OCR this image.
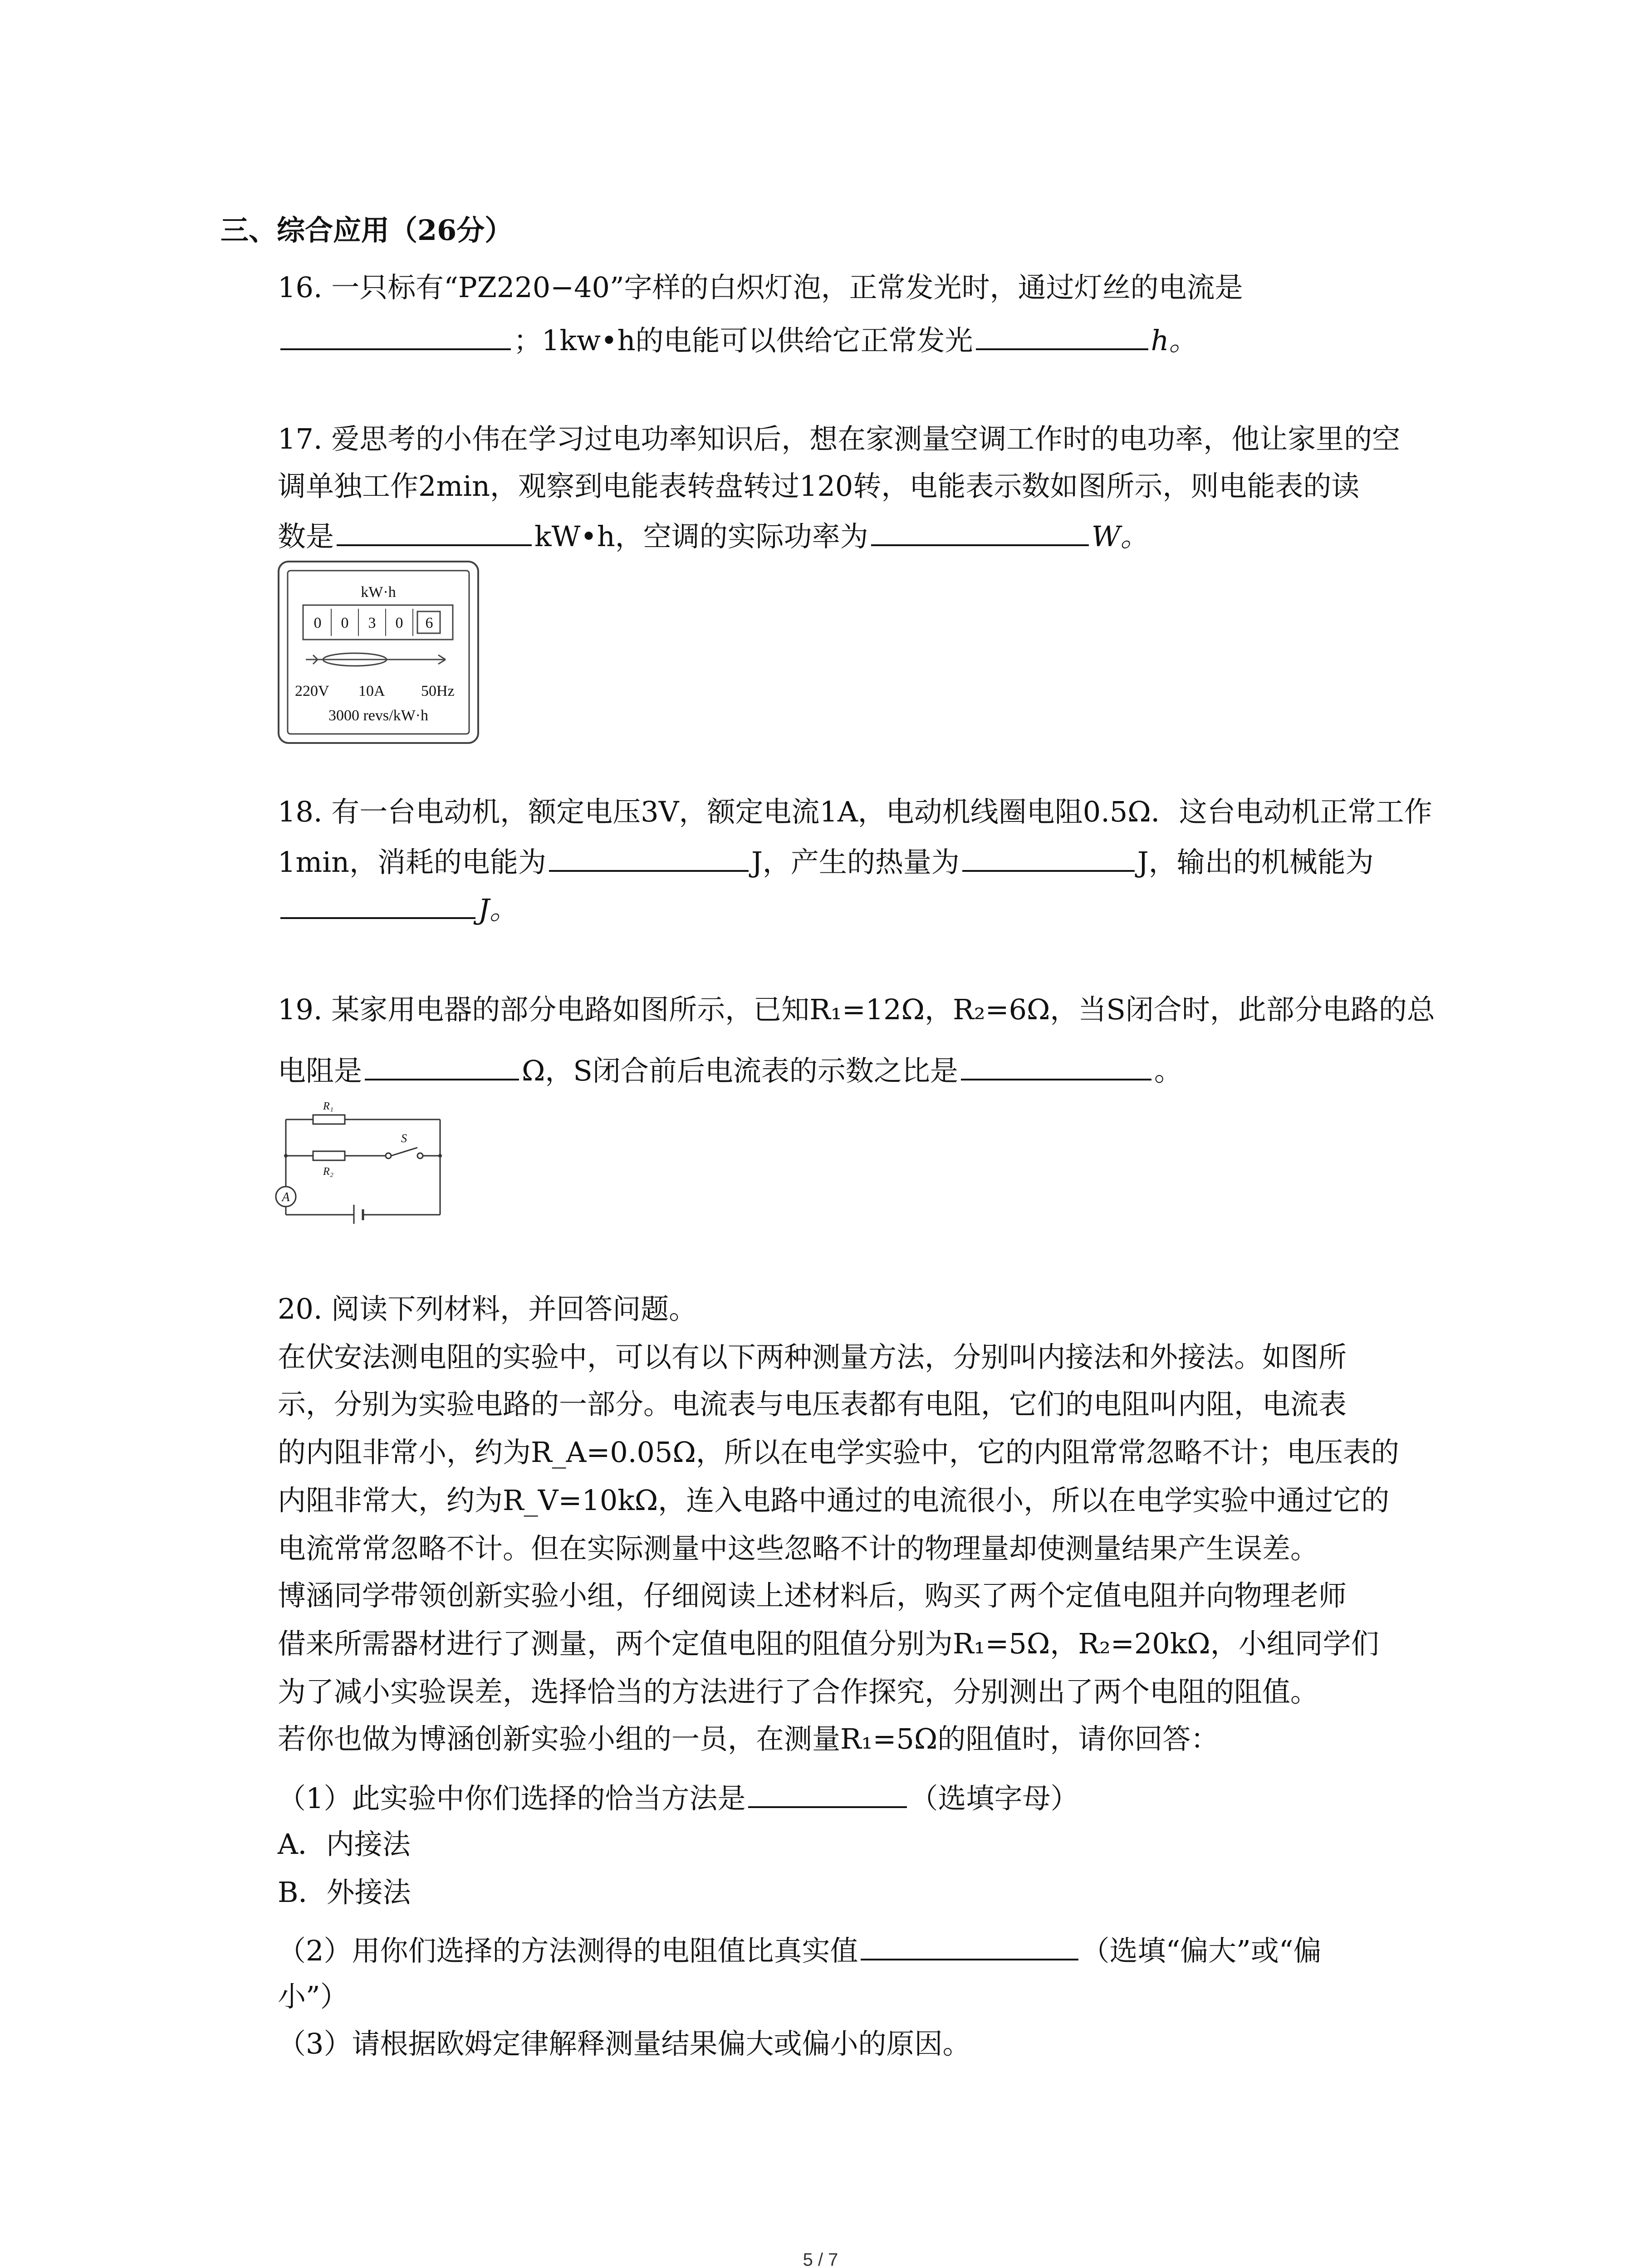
三、综合应用（26分）
16. 一只标有“PZ220−40”字样的白炽灯泡，正常发光时，通过灯丝的电流是
；1kw•h的电能可以供给它正常发光	h。
17. 爱思考的小伟在学习过电功率知识后，想在家测量空调工作时的电功率，他让家里的空
调单独工作2min，观察到电能表转盘转过120转，电能表示数如图所示，则电能表的读
数是	kW•h，空调的实际功率为	W。
kW·h
0 0 3 0 6
220V 10A 50Hz
3000 revs/kW·h
18. 有一台电动机，额定电压3V，额定电流1A，电动机线圈电阻0.5Ω．这台电动机正常工作
1min，消耗的电能为	J，产生的热量为	J，输出的机械能为
J。
19. 某家用电器的部分电路如图所示，已知R₁=12Ω，R₂=6Ω，当S闭合时，此部分电路的总
电阻是	Ω，S闭合前后电流表的示数之比是	。
R₁
R₂
S
A
20. 阅读下列材料，并回答问题。
在伏安法测电阻的实验中，可以有以下两种测量方法，分别叫内接法和外接法。如图所
示，分别为实验电路的一部分。电流表与电压表都有电阻，它们的电阻叫内阻，电流表
的内阻非常小，约为R_A=0.05Ω，所以在电学实验中，它的内阻常常忽略不计；电压表的
内阻非常大，约为R_V=10kΩ，连入电路中通过的电流很小，所以在电学实验中通过它的
电流常常忽略不计。但在实际测量中这些忽略不计的物理量却使测量结果产生误差。
博涵同学带领创新实验小组，仔细阅读上述材料后，购买了两个定值电阻并向物理老师
借来所需器材进行了测量，两个定值电阻的阻值分别为R₁=5Ω，R₂=20kΩ，小组同学们
为了减小实验误差，选择恰当的方法进行了合作探究，分别测出了两个电阻的阻值。
若你也做为博涵创新实验小组的一员，在测量R₁=5Ω的阻值时，请你回答：
（1）此实验中你们选择的恰当方法是	（选填字母）
A．内接法
B．外接法
（2）用你们选择的方法测得的电阻值比真实值	（选填“偏大”或“偏
小”）
（3）请根据欧姆定律解释测量结果偏大或偏小的原因。
5 / 7
